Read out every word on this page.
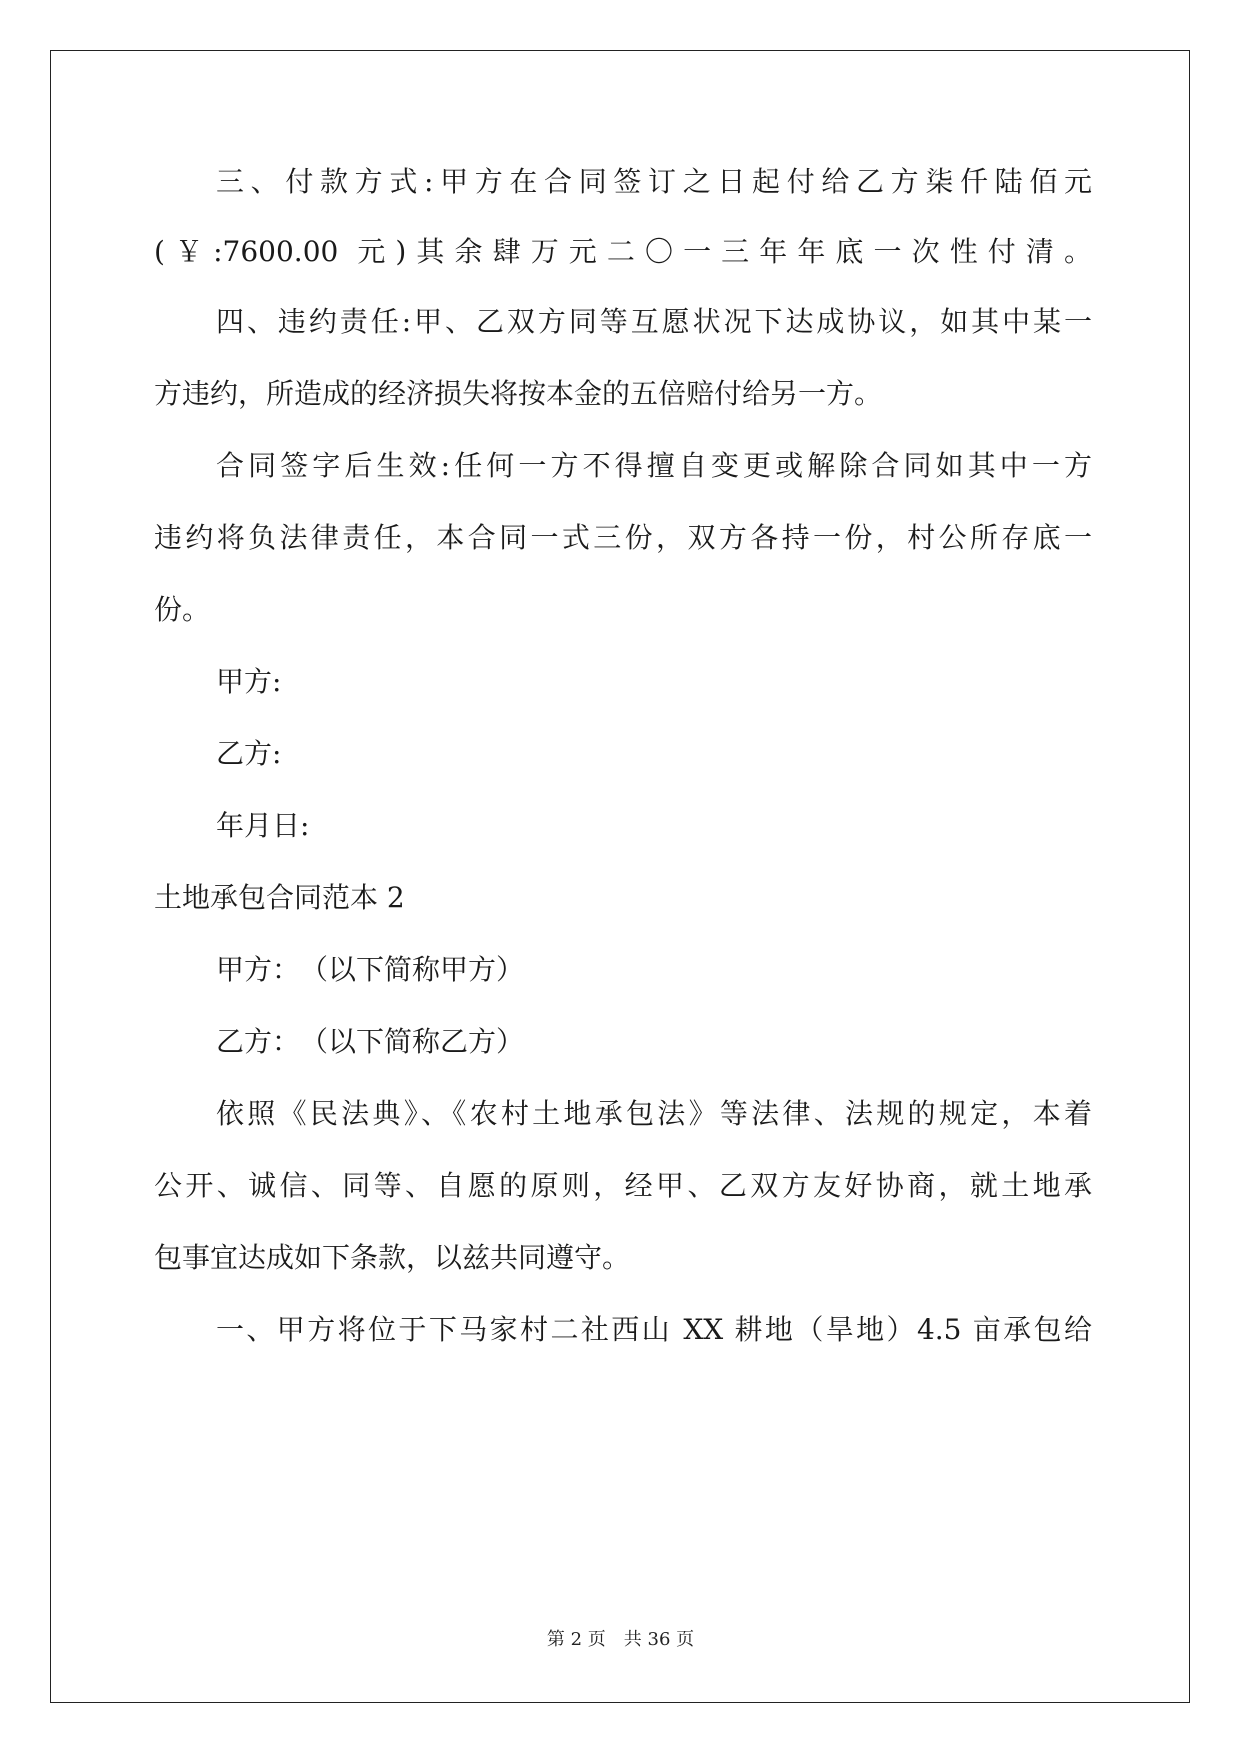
三、付款方式:甲方在合同签订之日起付给乙方柒仟陆佰元
(￥:7600.00 元)其余肆万元二〇一三年年底一次性付清。
四、违约责任:甲、乙双方同等互愿状况下达成协议，如其中某一
方违约，所造成的经济损失将按本金的五倍赔付给另一方。
合同签字后生效:任何一方不得擅自变更或解除合同如其中一方
违约将负法律责任，本合同一式三份，双方各持一份，村公所存底一
份。
甲方:
乙方:
年月日:
土地承包合同范本 2
甲方：　（以下简称甲方）
乙方：　（以下简称乙方）
依照《民法典》、《农村土地承包法》等法律、法规的规定，本着
公开、诚信、同等、自愿的原则，经甲、乙双方友好协商，就土地承
包事宜达成如下条款，以兹共同遵守。
一、甲方将位于下马家村二社西山 XX 耕地（旱地）4.5 亩承包给
第 2 页　共 36 页
